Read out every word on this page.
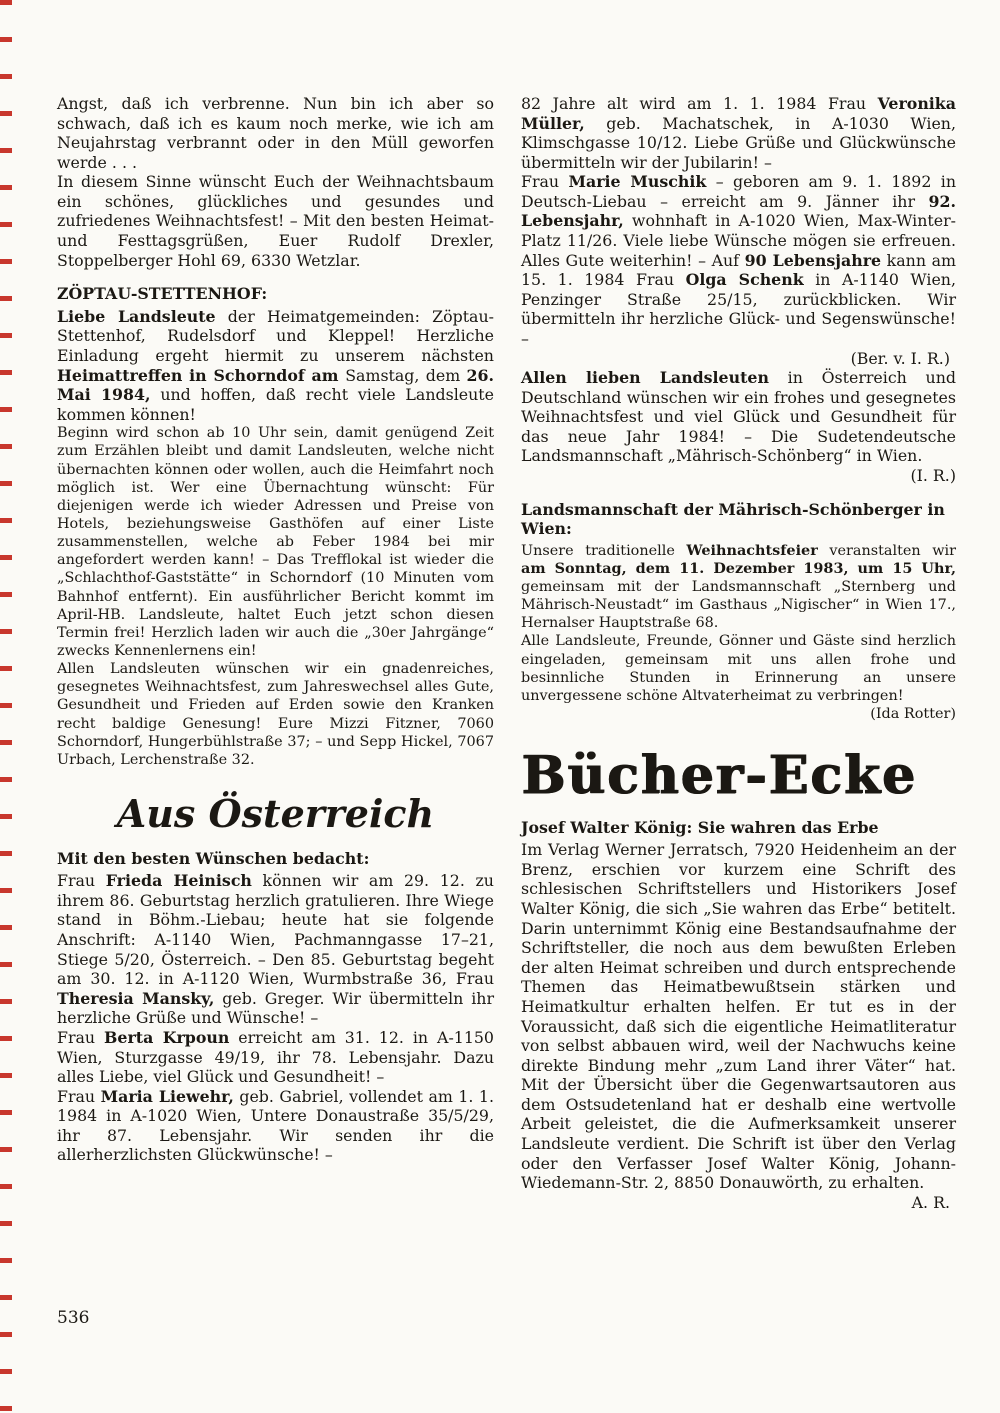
Angst, daß ich verbrenne. Nun bin ich aber so schwach, daß ich es kaum noch merke, wie ich am Neujahrstag verbrannt oder in den Müll geworfen werde . . .
In diesem Sinne wünscht Euch der Weihnachtsbaum ein schönes, glückliches und gesundes und zufriedenes Weihnachtsfest! – Mit den besten Heimat- und Festtagsgrüßen, Euer Rudolf Drexler, Stoppelberger Hohl 69, 6330 Wetzlar.
ZÖPTAU-STETTENHOF:
Liebe Landsleute der Heimatgemeinden: Zöptau-Stettenhof, Rudelsdorf und Kleppel! Herzliche Einladung ergeht hiermit zu unserem nächsten Heimattreffen in Schorndof am Samstag, dem 26. Mai 1984, und hoffen, daß recht viele Landsleute kommen können!
Beginn wird schon ab 10 Uhr sein, damit genügend Zeit zum Erzählen bleibt und damit Landsleuten, welche nicht übernachten können oder wollen, auch die Heimfahrt noch möglich ist. Wer eine Übernachtung wünscht: Für diejenigen werde ich wieder Adressen und Preise von Hotels, beziehungsweise Gasthöfen auf einer Liste zusammenstellen, welche ab Feber 1984 bei mir angefordert werden kann! – Das Trefflokal ist wieder die „Schlachthof-Gaststätte“ in Schorndorf (10 Minuten vom Bahnhof entfernt). Ein ausführlicher Bericht kommt im April-HB. Landsleute, haltet Euch jetzt schon diesen Termin frei! Herzlich laden wir auch die „30er Jahrgänge“ zwecks Kennenlernens ein!
Allen Landsleuten wünschen wir ein gnadenreiches, gesegnetes Weihnachtsfest, zum Jahreswechsel alles Gute, Gesundheit und Frieden auf Erden sowie den Kranken recht baldige Genesung! Eure Mizzi Fitzner, 7060 Schorndorf, Hungerbühlstraße 37; – und Sepp Hickel, 7067 Urbach, Lerchenstraße 32.
Aus Österreich
Mit den besten Wünschen bedacht:
Frau Frieda Heinisch können wir am 29. 12. zu ihrem 86. Geburtstag herzlich gratulieren. Ihre Wiege stand in Böhm.-Liebau; heute hat sie folgende Anschrift: A-1140 Wien, Pachmanngasse 17–21, Stiege 5/20, Österreich. – Den 85. Geburtstag begeht am 30. 12. in A-1120 Wien, Wurmbstraße 36, Frau Theresia Mansky, geb. Greger. Wir übermitteln ihr herzliche Grüße und Wünsche! –
Frau Berta Krpoun erreicht am 31. 12. in A-1150 Wien, Sturzgasse 49/19, ihr 78. Lebensjahr. Dazu alles Liebe, viel Glück und Gesundheit! –
Frau Maria Liewehr, geb. Gabriel, vollendet am 1. 1. 1984 in A-1020 Wien, Untere Donaustraße 35/5/29, ihr 87. Lebensjahr. Wir senden ihr die allerherzlichsten Glückwünsche! –
82 Jahre alt wird am 1. 1. 1984 Frau Veronika Müller, geb. Machatschek, in A-1030 Wien, Klimschgasse 10/12. Liebe Grüße und Glückwünsche übermitteln wir der Jubilarin! –
Frau Marie Muschik – geboren am 9. 1. 1892 in Deutsch-Liebau – erreicht am 9. Jänner ihr 92. Lebensjahr, wohnhaft in A-1020 Wien, Max-Winter-Platz 11/26. Viele liebe Wünsche mögen sie erfreuen. Alles Gute weiterhin! – Auf 90 Lebensjahre kann am 15. 1. 1984 Frau Olga Schenk in A-1140 Wien, Penzinger Straße 25/15, zurückblicken. Wir übermitteln ihr herzliche Glück- und Segenswünsche! –
(Ber. v. I. R.)
Allen lieben Landsleuten in Österreich und Deutschland wünschen wir ein frohes und gesegnetes Weihnachtsfest und viel Glück und Gesundheit für das neue Jahr 1984! – Die Sudetendeutsche Landsmannschaft „Mährisch-Schönberg“ in Wien.
(I. R.)
Landsmannschaft der Mährisch-Schönberger in Wien:
Unsere traditionelle Weihnachtsfeier veranstalten wir am Sonntag, dem 11. Dezember 1983, um 15 Uhr, gemeinsam mit der Landsmannschaft „Sternberg und Mährisch-Neustadt“ im Gasthaus „Nigischer“ in Wien 17., Hernalser Hauptstraße 68.
Alle Landsleute, Freunde, Gönner und Gäste sind herzlich eingeladen, gemeinsam mit uns allen frohe und besinnliche Stunden in Erinnerung an unsere unvergessene schöne Altvaterheimat zu verbringen!
(Ida Rotter)
Bücher-Ecke
Josef Walter König: Sie wahren das Erbe
Im Verlag Werner Jerratsch, 7920 Heidenheim an der Brenz, erschien vor kurzem eine Schrift des schlesischen Schriftstellers und Historikers Josef Walter König, die sich „Sie wahren das Erbe“ betitelt. Darin unternimmt König eine Bestandsaufnahme der Schriftsteller, die noch aus dem bewußten Erleben der alten Heimat schreiben und durch entsprechende Themen das Heimatbewußtsein stärken und Heimatkultur erhalten helfen. Er tut es in der Voraussicht, daß sich die eigentliche Heimatliteratur von selbst abbauen wird, weil der Nachwuchs keine direkte Bindung mehr „zum Land ihrer Väter“ hat. Mit der Übersicht über die Gegenwartsautoren aus dem Ostsudetenland hat er deshalb eine wertvolle Arbeit geleistet, die die Aufmerksamkeit unserer Landsleute verdient. Die Schrift ist über den Verlag oder den Verfasser Josef Walter König, Johann-Wiedemann-Str. 2, 8850 Donauwörth, zu erhalten.
A. R.
536
